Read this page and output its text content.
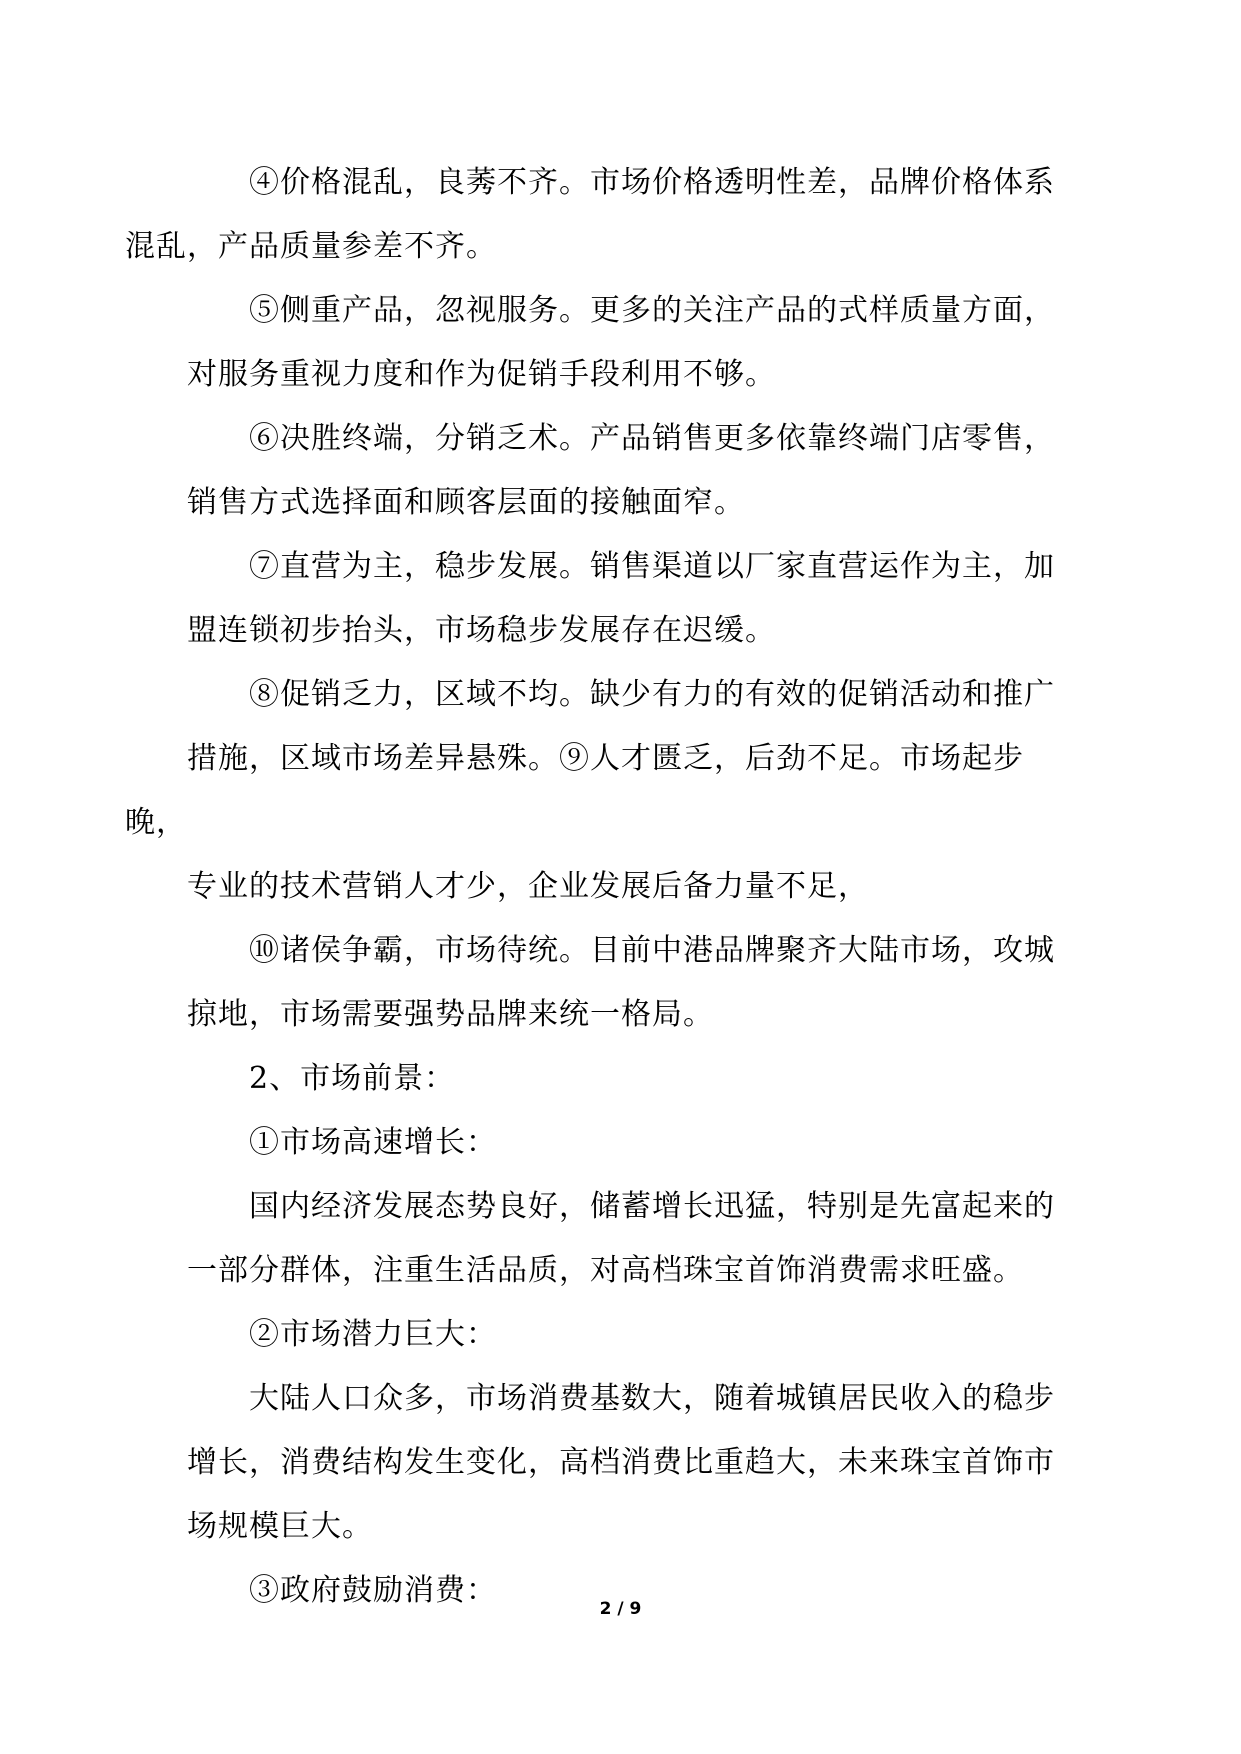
④价格混乱，良莠不齐。市场价格透明性差，品牌价格体系
混乱，产品质量参差不齐。

⑤侧重产品，忽视服务。更多的关注产品的式样质量方面，
对服务重视力度和作为促销手段利用不够。

⑥决胜终端，分销乏术。产品销售更多依靠终端门店零售，
销售方式选择面和顾客层面的接触面窄。

⑦直营为主，稳步发展。销售渠道以厂家直营运作为主，加
盟连锁初步抬头，市场稳步发展存在迟缓。

⑧促销乏力，区域不均。缺少有力的有效的促销活动和推广
措施，区域市场差异悬殊。⑨人才匮乏，后劲不足。市场起步晚，
专业的技术营销人才少，企业发展后备力量不足，

⑩诸侯争霸，市场待统。目前中港品牌聚齐大陆市场，攻城
掠地，市场需要强势品牌来统一格局。

2、市场前景：

①市场高速增长：

国内经济发展态势良好，储蓄增长迅猛，特别是先富起来的
一部分群体，注重生活品质，对高档珠宝首饰消费需求旺盛。

②市场潜力巨大：

大陆人口众多，市场消费基数大，随着城镇居民收入的稳步
增长，消费结构发生变化，高档消费比重趋大，未来珠宝首饰市
场规模巨大。

③政府鼓励消费：

2 / 9
